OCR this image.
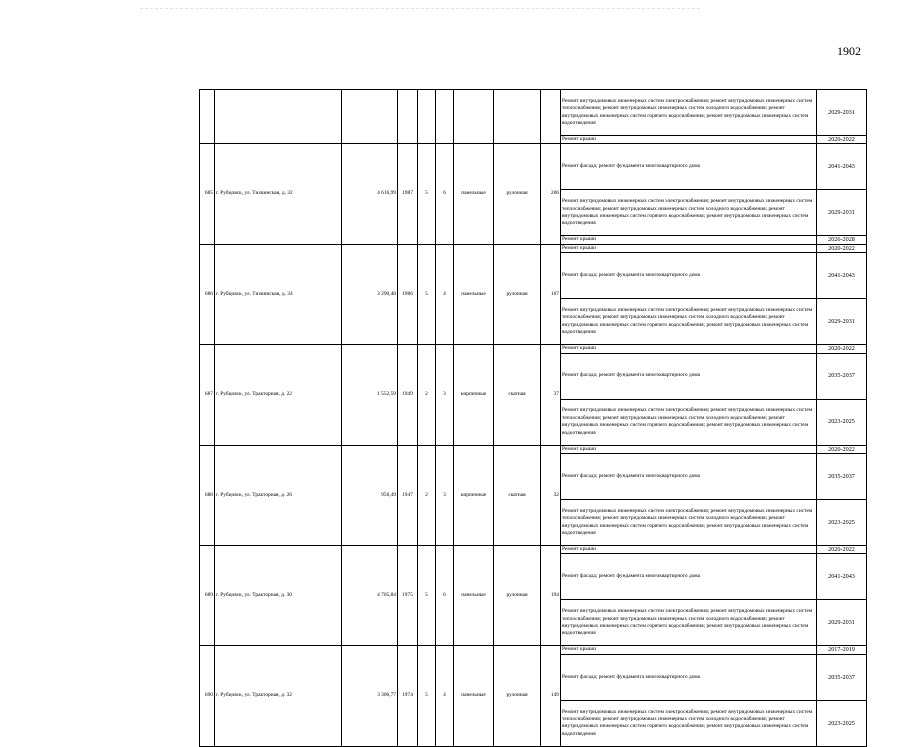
1902
									Ремонт внутридомовых инженерных систем электроснабжения; ремонт внутридомовых инженерных систем теплоснабжения; ремонт внутридомовых инженерных систем холодного водоснабжения; ремонт внутридомовых инженерных систем горячего водоснабжения; ремонт внутридомовых инженерных систем водоотведения	2029-2031
									Ремонт крыши	2020-2022
685	г. Рубцовск, ул. Тихвинская, д. 32	4 616,99	1987	5	6	панельные	рулонная	206	Ремонт фасада; ремонт фундамента многоквартирного дома	2041-2043
									Ремонт внутридомовых инженерных систем электроснабжения; ремонт внутридомовых инженерных систем теплоснабжения; ремонт внутридомовых инженерных систем холодного водоснабжения; ремонт внутридомовых инженерных систем горячего водоснабжения; ремонт внутридомовых инженерных систем водоотведения	2029-2031
									Ремонт крыши	2026-2028
686	г. Рубцовск, ул. Тихвинская, д. 34	3 290,48	1986	5	4	панельные	рулонная	167	Ремонт крыши	2020-2022
									Ремонт фасада; ремонт фундамента многоквартирного дома	2041-2043
									Ремонт внутридомовых инженерных систем электроснабжения; ремонт внутридомовых инженерных систем теплоснабжения; ремонт внутридомовых инженерных систем холодного водоснабжения; ремонт внутридомовых инженерных систем горячего водоснабжения; ремонт внутридомовых инженерных систем водоотведения	2029-2031
687	г. Рубцовск, ул. Тракторная, д. 22	1 552,59	1949	2	3	кирпичные	скатная	37	Ремонт крыши	2020-2022
									Ремонт фасада; ремонт фундамента многоквартирного дома	2035-2037
									Ремонт внутридомовых инженерных систем электроснабжения; ремонт внутридомовых инженерных систем теплоснабжения; ремонт внутридомовых инженерных систем холодного водоснабжения; ремонт внутридомовых инженерных систем горячего водоснабжения; ремонт внутридомовых инженерных систем водоотведения	2023-2025
688	г. Рубцовск, ул. Тракторная, д. 26	956,49	1947	2	3	кирпичные	скатная	32	Ремонт крыши	2020-2022
									Ремонт фасада; ремонт фундамента многоквартирного дома	2035-2037
									Ремонт внутридомовых инженерных систем электроснабжения; ремонт внутридомовых инженерных систем теплоснабжения; ремонт внутридомовых инженерных систем холодного водоснабжения; ремонт внутридомовых инженерных систем горячего водоснабжения; ремонт внутридомовых инженерных систем водоотведения	2023-2025
689	г. Рубцовск, ул. Тракторная, д. 30	4 705,84	1975	5	6	панельные	рулонная	194	Ремонт крыши	2020-2022
									Ремонт фасада; ремонт фундамента многоквартирного дома	2041-2043
									Ремонт внутридомовых инженерных систем электроснабжения; ремонт внутридомовых инженерных систем теплоснабжения; ремонт внутридомовых инженерных систем холодного водоснабжения; ремонт внутридомовых инженерных систем горячего водоснабжения; ремонт внутридомовых инженерных систем водоотведения	2029-2031
690	г. Рубцовск, ул. Тракторная, д. 32	3 306,77	1974	5	4	панельные	рулонная	149	Ремонт крыши	2017-2019
									Ремонт фасада; ремонт фундамента многоквартирного дома	2035-2037
									Ремонт внутридомовых инженерных систем электроснабжения; ремонт внутридомовых инженерных систем теплоснабжения; ремонт внутридомовых инженерных систем холодного водоснабжения; ремонт внутридомовых инженерных систем горячего водоснабжения; ремонт внутридомовых инженерных систем водоотведения	2023-2025
